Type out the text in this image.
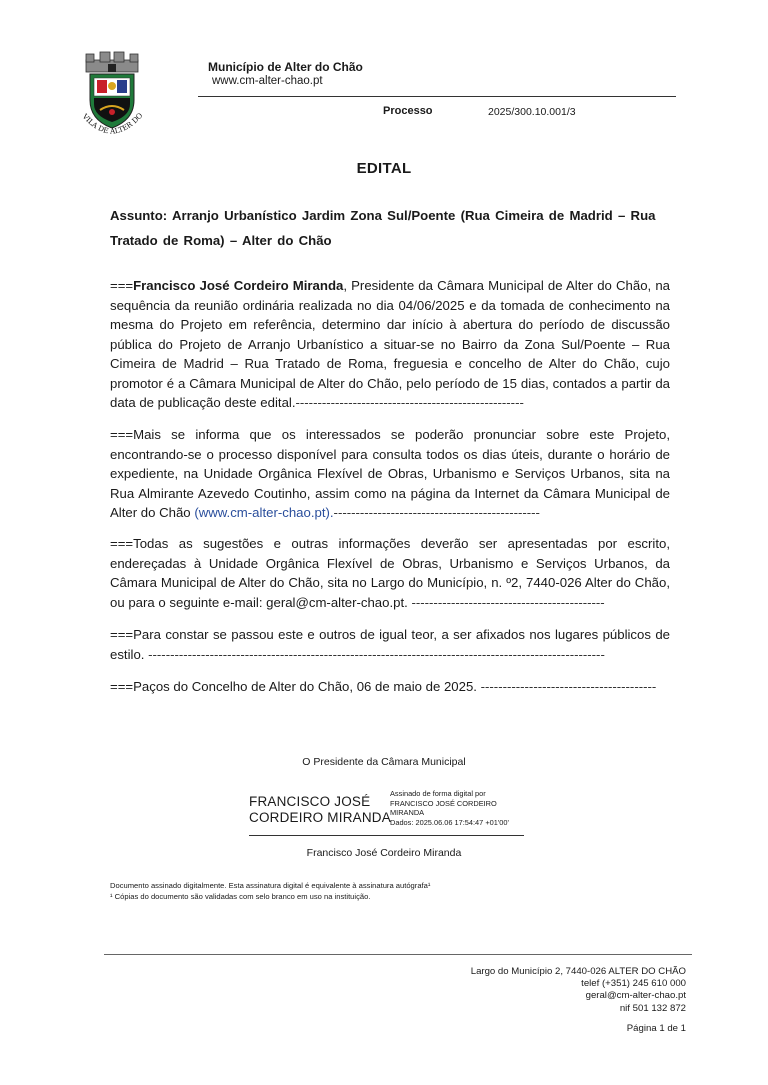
VILA DE ALTER DO
Município de Alter do Chão
www.cm-alter-chao.pt
Processo	2025/300.10.001/3
EDITAL
Assunto: Arranjo Urbanístico Jardim Zona Sul/Poente (Rua Cimeira de Madrid – Rua Tratado de Roma) – Alter do Chão

===Francisco José Cordeiro Miranda, Presidente da Câmara Municipal de Alter do Chão, na sequência da reunião ordinária realizada no dia 04/06/2025 e da tomada de conhecimento na mesma do Projeto em referência, determino dar início à abertura do período de discussão pública do Projeto de Arranjo Urbanístico a situar-se no Bairro da Zona Sul/Poente – Rua Cimeira de Madrid – Rua Tratado de Roma, freguesia e concelho de Alter do Chão, cujo promotor é a Câmara Municipal de Alter do Chão, pelo período de 15 dias, contados a partir da data de publicação deste edital.----------------------------------------------------

===Mais se informa que os interessados se poderão pronunciar sobre este Projeto, encontrando-se o processo disponível para consulta todos os dias úteis, durante o horário de expediente, na Unidade Orgânica Flexível de Obras, Urbanismo e Serviços Urbanos, sita na Rua Almirante Azevedo Coutinho, assim como na página da Internet da Câmara Municipal de Alter do Chão (www.cm-alter-chao.pt).-----------------------------------------------

===Todas as sugestões e outras informações deverão ser apresentadas por escrito, endereçadas à Unidade Orgânica Flexível de Obras, Urbanismo e Serviços Urbanos, da Câmara Municipal de Alter do Chão, sita no Largo do Município, n. º2, 7440-026 Alter do Chão, ou para o seguinte e-mail: geral@cm-alter-chao.pt. --------------------------------------------

===Para constar se passou este e outros de igual teor, a ser afixados nos lugares públicos de estilo. --------------------------------------------------------------------------------------------------------

===Paços do Concelho de Alter do Chão, 06 de maio de 2025. ----------------------------------------

O Presidente da Câmara Municipal
FRANCISCO JOSÉ
CORDEIRO MIRANDA
Assinado de forma digital por
FRANCISCO JOSÉ CORDEIRO
MIRANDA
Dados: 2025.06.06 17:54:47 +01'00'
Francisco José Cordeiro Miranda
Documento assinado digitalmente. Esta assinatura digital é equivalente à assinatura autógrafa¹
¹ Cópias do documento são validadas com selo branco em uso na instituição.
Largo do Município 2, 7440-026 ALTER DO CHÃO
telef (+351) 245 610 000
geral@cm-alter-chao.pt
nif 501 132 872
Página 1 de 1
